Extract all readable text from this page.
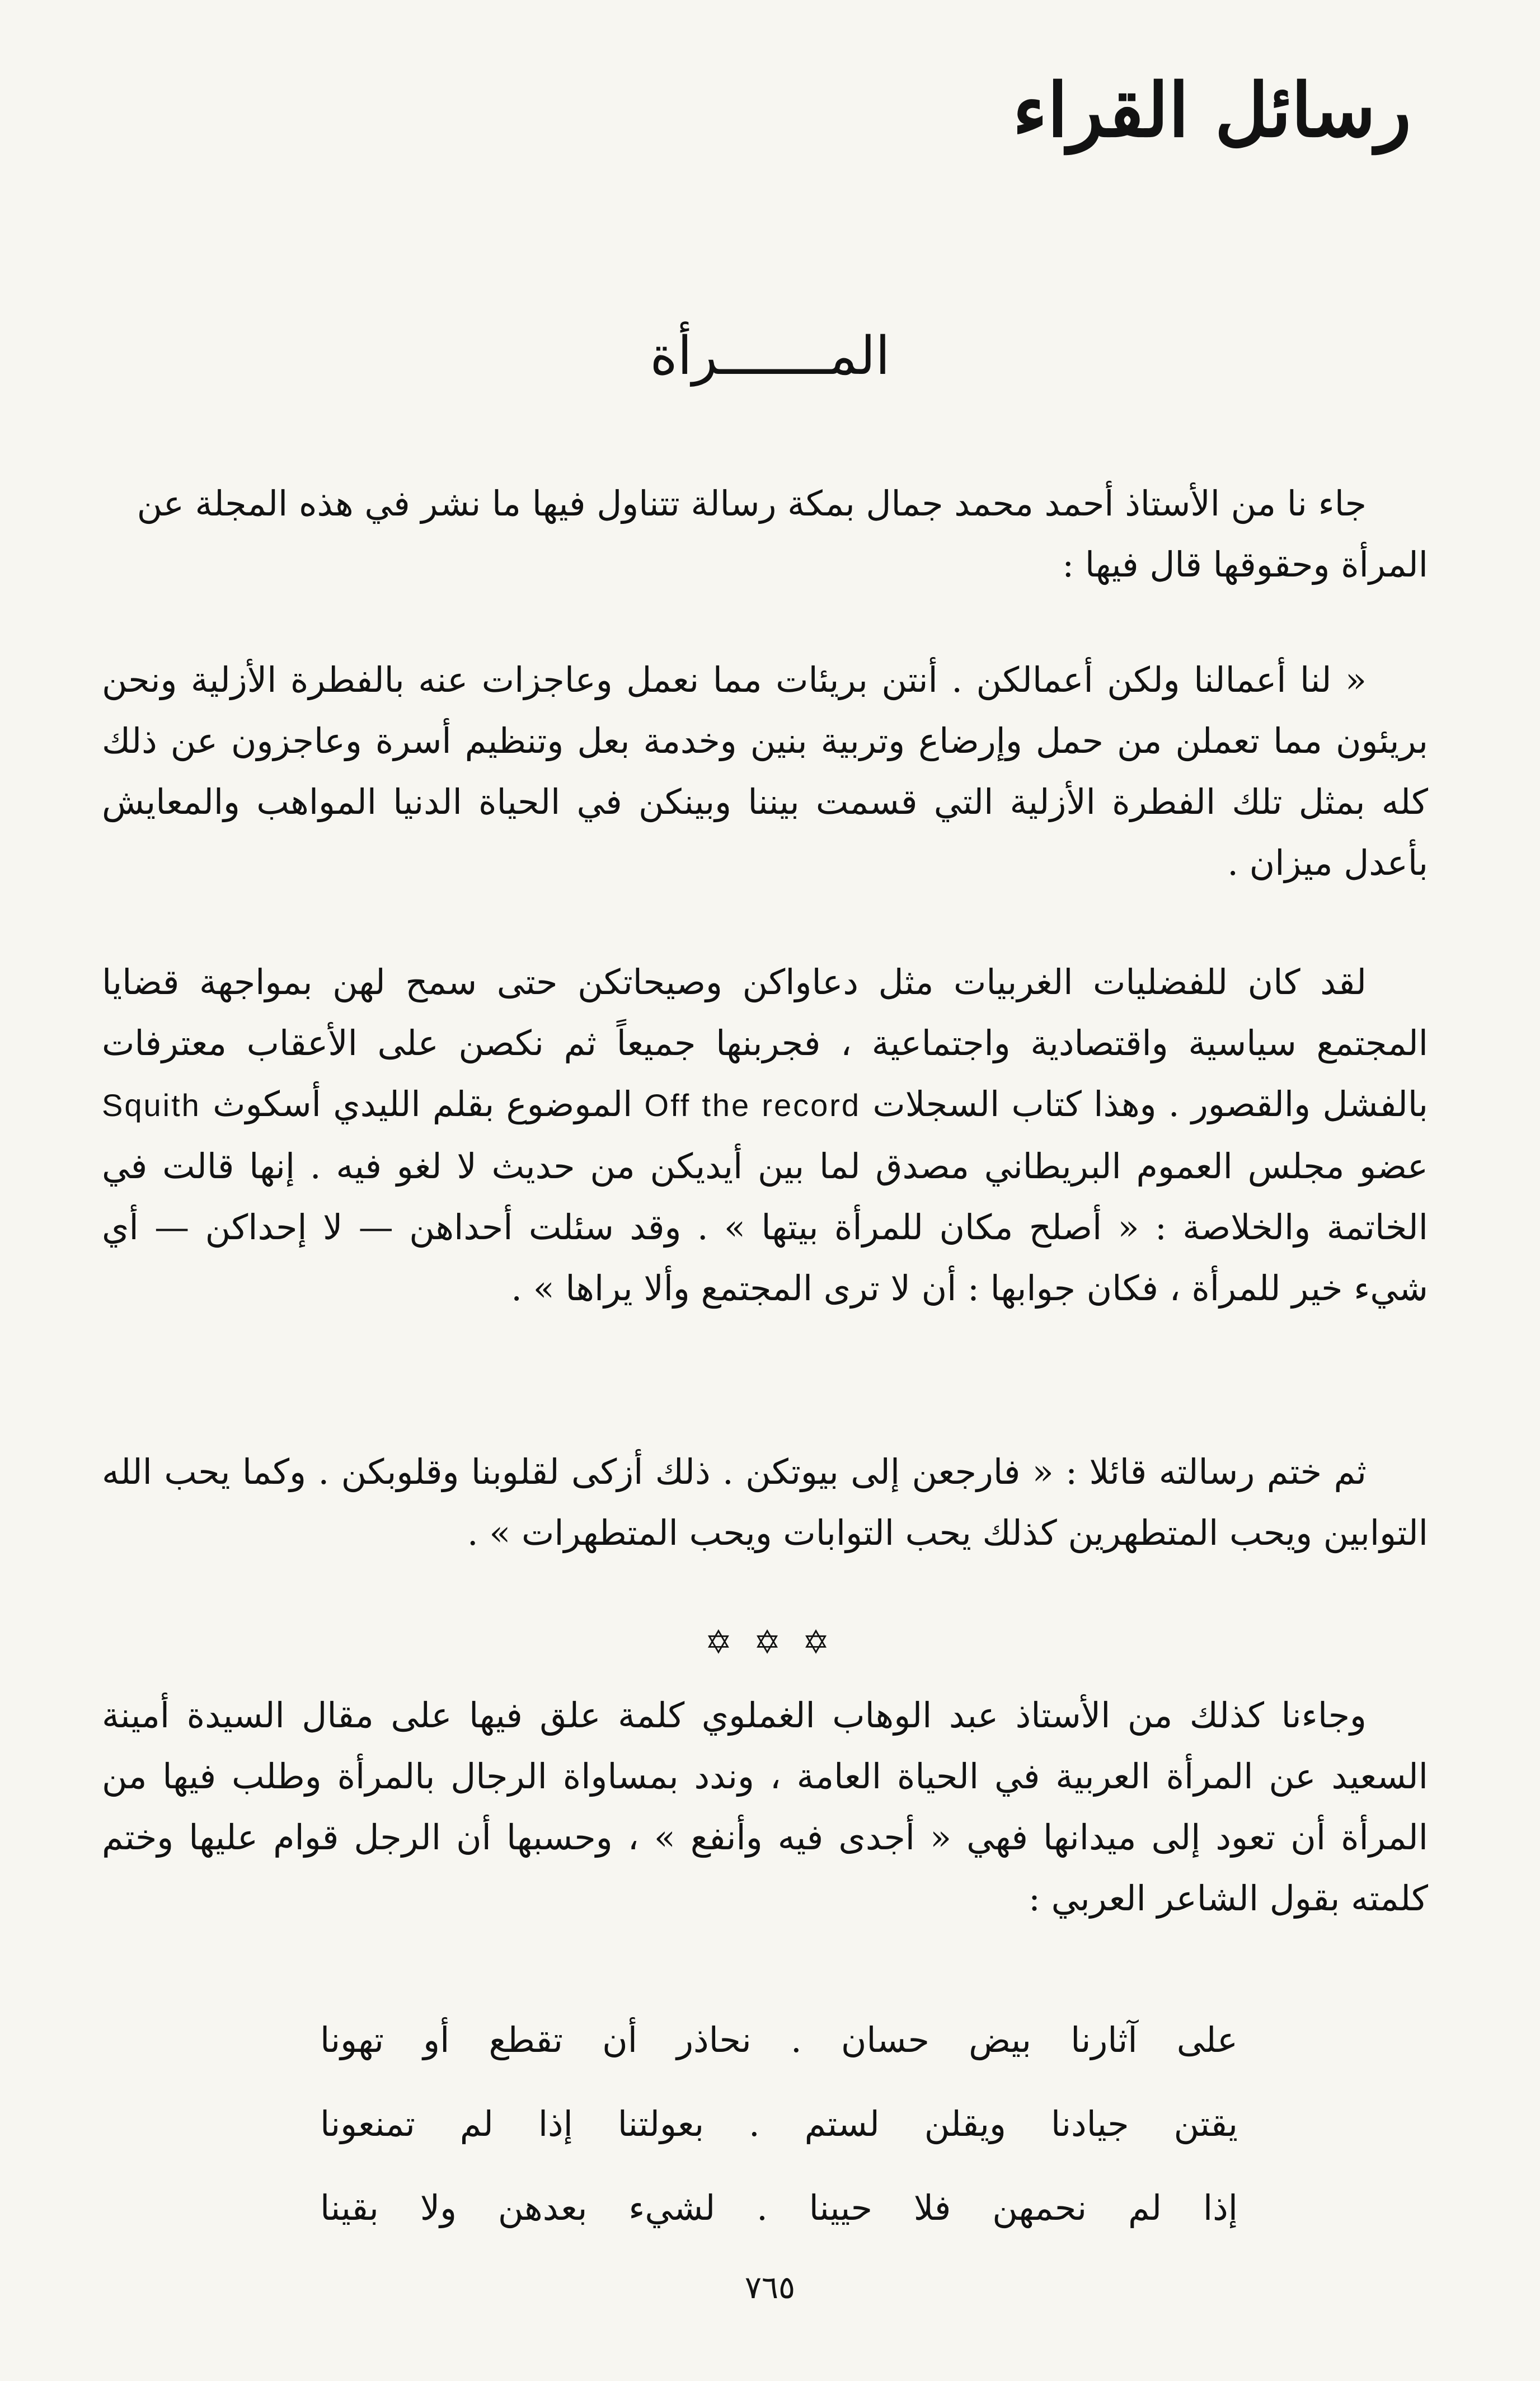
رسائل القراء
المـــــــرأة

جاء نا من الأستاذ أحمد محمد جمال بمكة رسالة تتناول فيها ما نشر في هذه المجلة عن

المرأة وحقوقها قال فيها :

« لنا أعمالنا ولكن أعمالكن . أنتن بريئات مما نعمل وعاجزات عنه بالفطرة الأزلية ونحن بريئون مما تعملن من حمل وإرضاع وتربية بنين وخدمة بعل وتنظيم أسرة وعاجزون عن ذلك كله بمثل تلك الفطرة الأزلية التي قسمت بيننا وبينكن في الحياة الدنيا المواهب والمعايش بأعدل ميزان .

لقد كان للفضليات الغربيات مثل دعاواكن وصيحاتكن حتى سمح لهن بمواجهة قضايا المجتمع سياسية واقتصادية واجتماعية ، فجربنها جميعاً ثم نكصن على الأعقاب معترفات بالفشل والقصور . وهذا كتاب السجلات Off the record الموضوع بقلم الليدي أسكوث Squith عضو مجلس العموم البريطاني مصدق لما بين أيديكن من حديث لا لغو فيه . إنها قالت في الخاتمة والخلاصة : « أصلح مكان للمرأة بيتها » . وقد سئلت أحداهن — لا إحداكن — أي شيء خير للمرأة ، فكان جوابها : أن لا ترى المجتمع وألا يراها » .

ثم ختم رسالته قائلا : « فارجعن إلى بيوتكن . ذلك أزكى لقلوبنا وقلوبكن . وكما يحب الله التوابين ويحب المتطهرين كذلك يحب التوابات ويحب المتطهرات » .

✡ ✡ ✡

وجاءنا كذلك من الأستاذ عبد الوهاب الغملوي كلمة علق فيها على مقال السيدة أمينة السعيد عن المرأة العربية في الحياة العامة ، وندد بمساواة الرجال بالمرأة وطلب فيها من المرأة أن تعود إلى ميدانها فهي « أجدى فيه وأنفع » ، وحسبها أن الرجل قوام عليها وختم كلمته بقول الشاعر العربي :

على آثارنا بيض حسان . نحاذر أن تقطع أو تهونا
يقتن جيادنا ويقلن لستم . بعولتنا إذا لم تمنعونا
إذا لم نحمهن فلا حيينا . لشيء بعدهن ولا بقينا
٧٦٥
